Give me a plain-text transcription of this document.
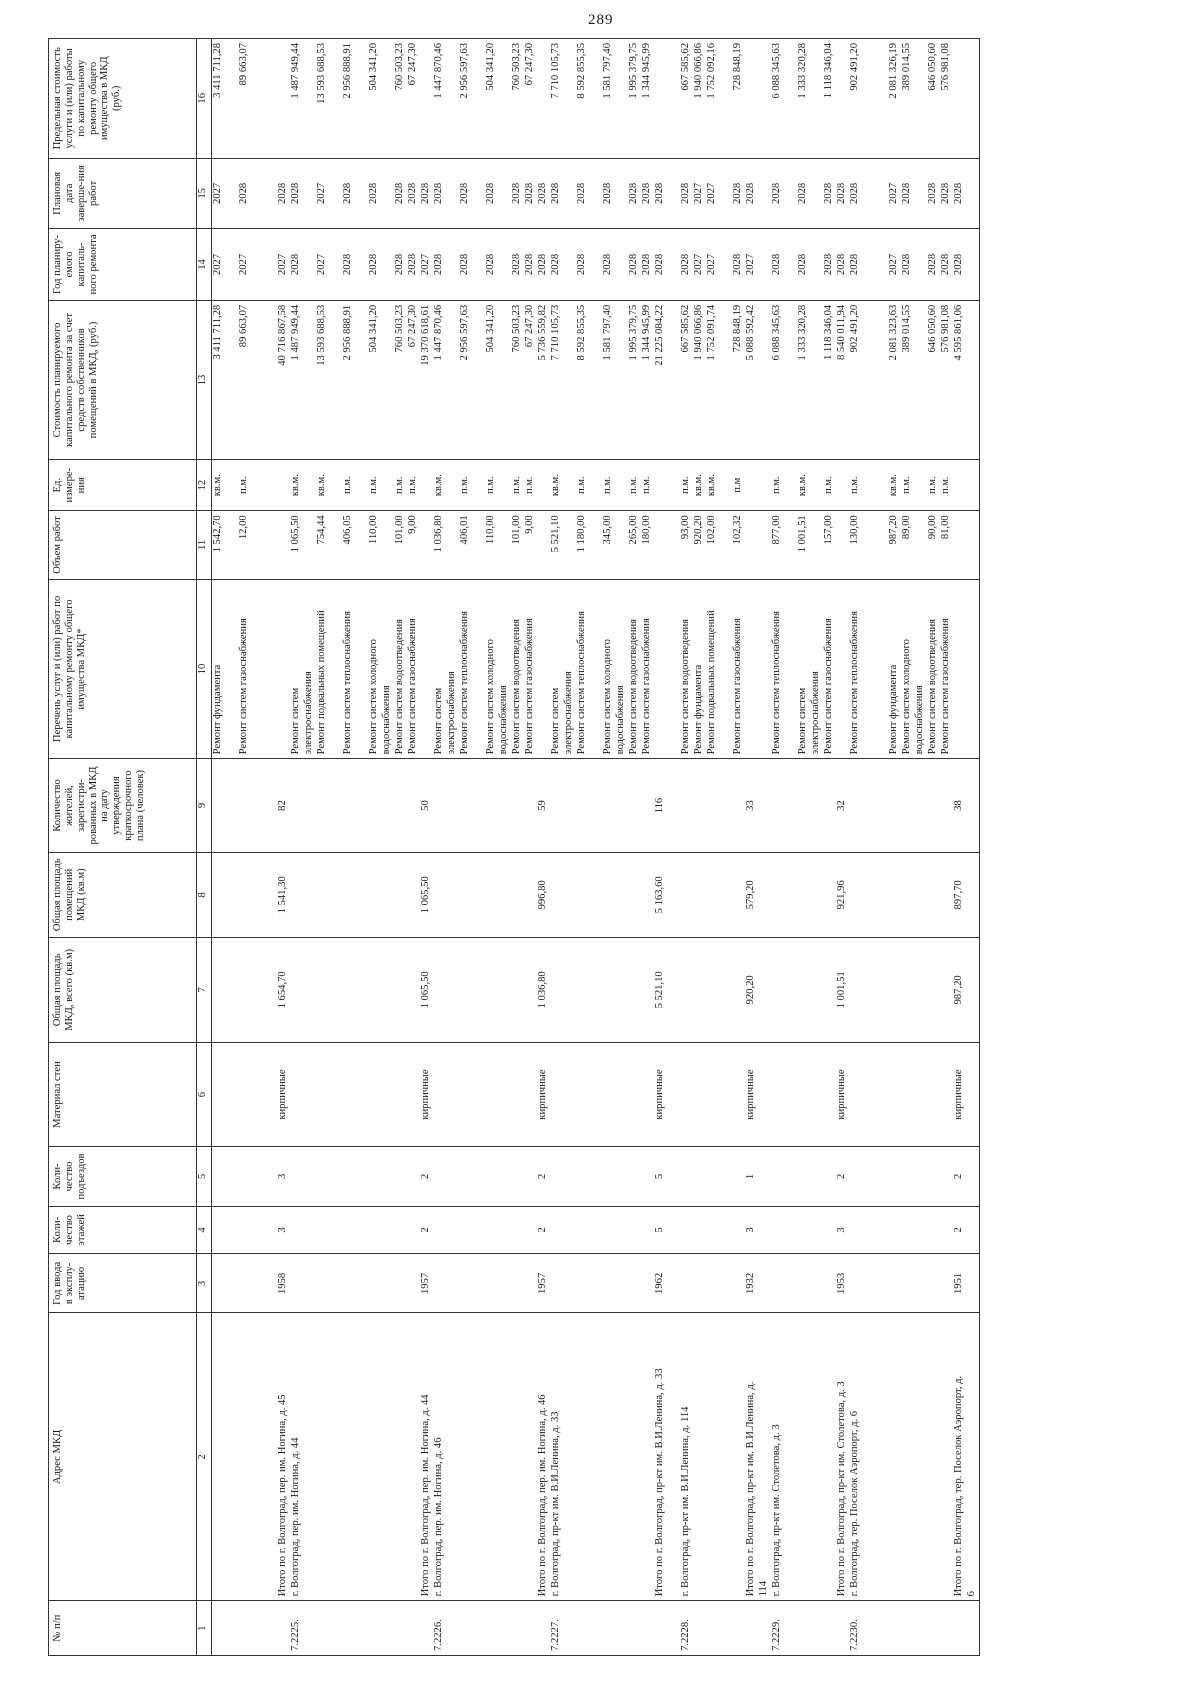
289
№ п/п	Адрес МКД	Год ввода в эксплу-атацию	Коли-чество этажей	Коли-чество подъездов	Материал стен	Общая площадь МКД, всего (кв.м)	Общая площадь помещений МКД (кв.м)	Количество жителей, зарегистри-рованных в МКД на дату утверждения краткосрочного плана (человек)	Перечень услуг и (или) работ по капитальному ремонту общего имущества МКД*	Объем работ	Ед. измере-ния	Стоимость планируемого капитального ремонта за счет средств собственников помещений в МКД, (руб.)	Год планиру-емого капиталь-ного ремонта	Плановая дата заверше-ния работ	Предельная стоимость услуги и (или) работы по капитальному ремонту общего имущества в МКД (руб.)
1	2	3	4	5	6	7	8	9	10	11	12	13	14	15	16
									Ремонт фундамента	1 542,70	кв.м.	3 411 711,28	2027	2027	3 411 711,28

									Ремонт систем газоснабжения	12,00	п.м.	89 663,07	2027	2028	89 663,07

	Итого по г. Волгоград, пер. им. Ногина, д. 45	1958	3	3	кирпичные	1 654,70	1 541,30	82				40 716 867,58	2027	2028	
7.2225.	г. Волгоград, пер. им. Ногина, д. 44								Ремонт систем	1 065,50	кв.м.	1 487 949,44	2028	2028	1 487 949,44
									электроснабжения						
									Ремонт подвальных помещений	754,44	кв.м.	13 593 688,53	2027	2027	13 593 688,53

									Ремонт систем теплоснабжения	406,05	п.м.	2 956 888,91	2028	2028	2 956 888,91

									Ремонт систем холодного	110,00	п.м.	504 341,20	2028	2028	504 341,20
									водоснабжения						
									Ремонт систем водоотведения	101,00	п.м.	760 503,23	2028	2028	760 503,23
									Ремонт систем газоснабжения	9,00	п.м.	67 247,30	2028	2028	67 247,30
	Итого по г. Волгоград, пер. им. Ногина, д. 44	1957	2	2	кирпичные	1 065,50	1 065,50	50				19 370 618,61	2027	2028	
7.2226.	г. Волгоград, пер. им. Ногина, д. 46								Ремонт систем	1 036,80	кв.м.	1 447 870,46	2028	2028	1 447 870,46
									электроснабжения						
									Ремонт систем теплоснабжения	406,01	п.м.	2 956 597,63	2028	2028	2 956 597,63

									Ремонт систем холодного	110,00	п.м.	504 341,20	2028	2028	504 341,20
									водоснабжения						
									Ремонт систем водоотведения	101,00	п.м.	760 503,23	2028	2028	760 503,23
									Ремонт систем газоснабжения	9,00	п.м.	67 247,30	2028	2028	67 247,30
	Итого по г. Волгоград, пер. им. Ногина, д. 46	1957	2	2	кирпичные	1 036,80	996,80	59				5 736 559,82	2028	2028	
7.2227.	г. Волгоград, пр-кт им. В.И.Ленина, д. 33								Ремонт систем	5 521,10	кв.м.	7 710 105,73	2028	2028	7 710 105,73
									электроснабжения						
									Ремонт систем теплоснабжения	1 180,00	п.м.	8 592 855,35	2028	2028	8 592 855,35

									Ремонт систем холодного	345,00	п.м.	1 581 797,40	2028	2028	1 581 797,40
									водоснабжения						
									Ремонт систем водоотведения	265,00	п.м.	1 995 379,75	2028	2028	1 995 379,75
									Ремонт систем газоснабжения	180,00	п.м.	1 344 945,99	2028	2028	1 344 945,99
	Итого по г. Волгоград, пр-кт им. В.И.Ленина, д. 33	1962	5	5	кирпичные	5 521,10	5 163,60	116				21 225 084,22	2028	2028	

7.2228.	г. Волгоград, пр-кт им. В.И.Ленина, д. 114								Ремонт систем водоотведения	93,00	п.м.	667 585,62	2028	2028	667 585,62
									Ремонт фундамента	920,20	кв.м.	1 940 066,86	2027	2027	1 940 066,86
									Ремонт подвальных помещений	102,00	кв.м.	1 752 091,74	2027	2027	1 752 092,16

									Ремонт систем газоснабжения	102,32	п.м	728 848,19	2028	2028	728 848,19
	Итого по г. Волгоград, пр-кт им. В.И.Ленина, д.	1932	3	1	кирпичные	920,20	579,20	33				5 088 592,42	2027	2028	
	114														
7.2229.	г. Волгоград, пр-кт им. Столетова, д. 3								Ремонт систем теплоснабжения	877,00	п.м.	6 088 345,63	2028	2028	6 088 345,63

									Ремонт систем	1 001,51	кв.м.	1 333 320,28	2028	2028	1 333 320,28
									электроснабжения						
									Ремонт систем газоснабжения	157,00	п.м.	1 118 346,04	2028	2028	1 118 346,04
	Итого по г. Волгоград, пр-кт им. Столетова, д. 3	1953	3	2	кирпичные	1 001,51	921,96	32				8 540 011,94	2028	2028	
7.2230.	г. Волгоград, тер. Поселок Аэропорт, д. 6								Ремонт систем теплоснабжения	130,00	п.м.	902 491,20	2028	2028	902 491,20

									Ремонт фундамента	987,20	кв.м.	2 081 323,63	2027	2027	2 081 326,19
									Ремонт систем холодного	89,00	п.м.	389 014,55	2028	2028	389 014,55
									водоснабжения						
									Ремонт систем водоотведения	90,00	п.м.	646 050,60	2028	2028	646 050,60
									Ремонт систем газоснабжения	81,00	п.м.	576 981,08	2028	2028	576 981,08
	Итого по г. Волгоград, тер. Поселок Аэропорт, д.	1951	2	2	кирпичные	987,20	897,70	38				4 595 861,06	2028	2028	
	6														
